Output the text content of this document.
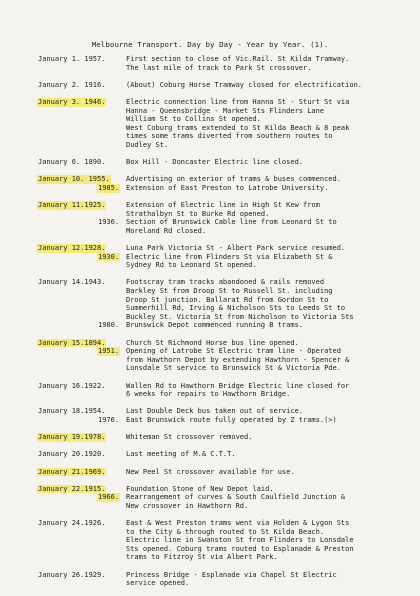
Melbourne Transport. Day by Day - Year by Year. (1).
January 1. 1957.	First section to close of Vic.Rail. St Kilda Tramway.
The last mile of track to Park St crossover.
January 2. 1916.	(About) Coburg Horse Tramway closed for electrification.
January 3. 1946.	Electric connection line from Hanna St - Sturt St via
Hanna - Queensbridge - Market Sts Flinders Lane
William St to Collins St opened.
West Coburg trams extended to St Kilda Beach & 8 peak
times some trams diverted from southern routes to
Dudley St.
January 6. 1890.	Box Hill - Doncaster Electric line closed.
January 10. 1955. Advertising on exterior of trams & buses commenced.
1985. Extension of East Preston to Latrobe University.
January 11.1925.	Extension of Electric line in High St Kew from
Strathalbyn St to Burke Rd opened.
1936. Section of Brunswick Cable line from Leonard St to
Moreland Rd closed.
January 12.1928.	Luna Park Victoria St - Albert Park service resumed.
1930. Electric line from Flinders St via Elizabeth St &
Sydney Rd to Leonard St opened.
January 14.1943.	Footscray tram tracks abandoned & rails removed
Barkley St from Droop St to Russell St. including
Droop St junction. Ballarat Rd from Gordon St to
Summerhill Rd, Irving & Nicholson Sts to Leeds St to
Buckley St. Victoria St from Nicholson to Victoria Sts
1980. Brunswick Depot commenced running B trams.
January 15.1894.	Church St Richmond Horse bus line opened.
1951. Opening of Latrobe St Electric tram line - Operated
from Hawthorn Depot by extending Hawthorn - Spencer &
Lonsdale St service to Brunswick St & Victoria Pde.
January 16.1922.	Wallen Rd to Hawthorn Bridge Electric line closed for
6 weeks for repairs to Hawthorn Bridge.
January 18.1954.	Last Double Deck bus taken out of service.
1976. East Brunswick route fully operated by Z trams.(>)
January 19.1978.	Whiteman St crossover removed.
January 20.1920.	Last meeting of M.& C.T.T.
January 21.1969.	New Peel St crossover available for use.
January 22.1915.	Foundation Stone of New Depot laid.
1966. Rearrangement of curves & South Caulfield Junction &
New crossover in Hawthorn Rd.
January 24.1926.	East & West Preston trams went via Holden & Lygon Sts
to the City & through routed to St Kilda Beach.
Electric line in Swanston St from Flinders to Lonsdale
Sts opened. Coburg trams routed to Esplanade & Preston
trams to Fitzroy St via Albert Park.
January 26.1929.	Princess Bridge - Esplanade via Chapel St Electric
service opened.
